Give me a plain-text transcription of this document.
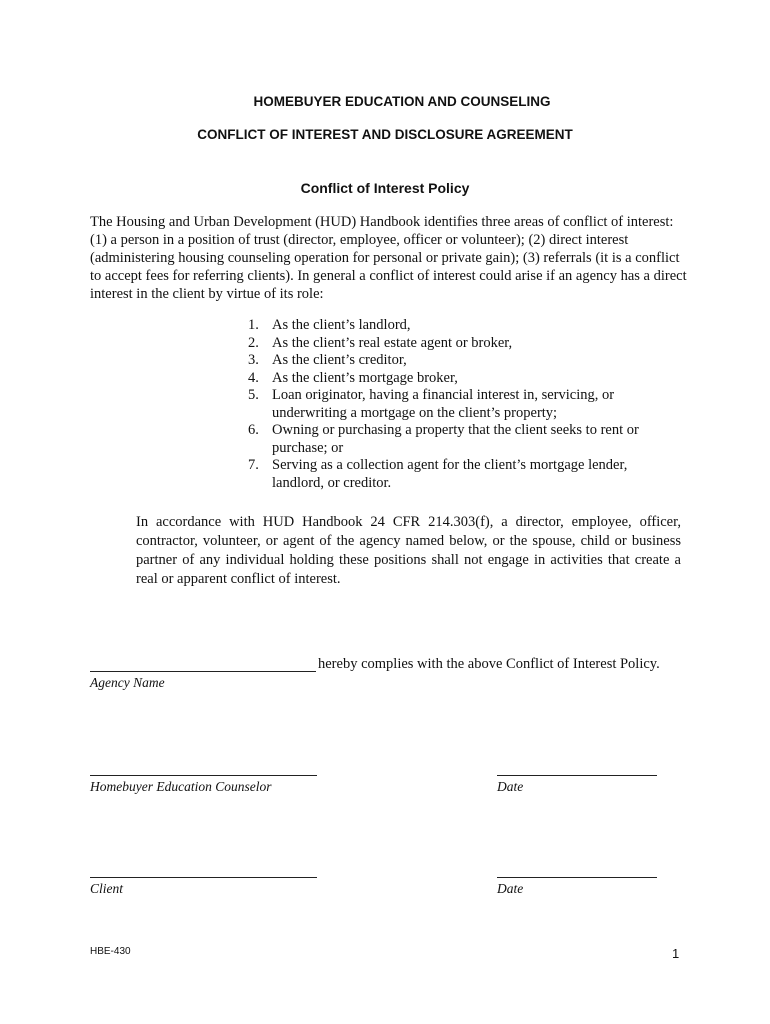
HOMEBUYER EDUCATION AND COUNSELING
CONFLICT OF INTEREST AND DISCLOSURE AGREEMENT
Conflict of Interest Policy

The Housing and Urban Development (HUD) Handbook identifies three areas of conflict of interest: (1) a person in a position of trust (director, employee, officer or volunteer); (2) direct interest (administering housing counseling operation for personal or private gain); (3) referrals (it is a conflict to accept fees for referring clients). In general a conflict of interest could arise if an agency has a direct interest in the client by virtue of its role:

1. As the client’s landlord,
2. As the client’s real estate agent or broker,
3. As the client’s creditor,
4. As the client’s mortgage broker,
5. Loan originator, having a financial interest in, servicing, or underwriting a mortgage on the client’s property;
6. Owning or purchasing a property that the client seeks to rent or purchase; or
7. Serving as a collection agent for the client’s mortgage lender, landlord, or creditor.

In accordance with HUD Handbook 24 CFR 214.303(f), a director, employee, officer, contractor, volunteer, or agent of the agency named below, or the spouse, child or business partner of any individual holding these positions shall not engage in activities that create a real or apparent conflict of interest.

hereby complies with the above Conflict of Interest Policy.
Agency Name
Homebuyer Education Counselor	Date
Client	Date
HBE-430	1
